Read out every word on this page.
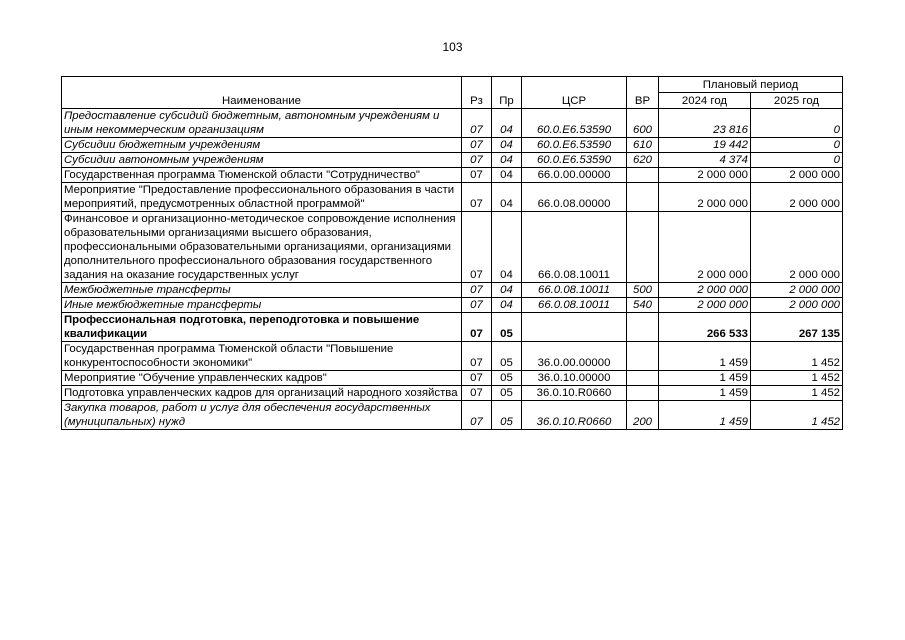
103
Наименование	Рз	Пр	ЦСР	ВР	Плановый период	
					2024 год	2025 год
Предоставление субсидий бюджетным, автономным учреждениям и иным некоммерческим организациям	07	04	60.0.E6.53590	600	23 816	0
Субсидии бюджетным учреждениям	07	04	60.0.E6.53590	610	19 442	0
Субсидии автономным учреждениям	07	04	60.0.E6.53590	620	4 374	0
Государственная программа Тюменской области "Сотрудничество"	07	04	66.0.00.00000		2 000 000	2 000 000
Мероприятие "Предоставление профессионального образования в части мероприятий, предусмотренных областной программой"	07	04	66.0.08.00000		2 000 000	2 000 000
Финансовое и организационно-методическое сопровождение исполнения образовательными организациями высшего образования, профессиональными образовательными организациями, организациями дополнительного профессионального образования государственного задания на оказание государственных услуг	07	04	66.0.08.10011		2 000 000	2 000 000
Межбюджетные трансферты	07	04	66.0.08.10011	500	2 000 000	2 000 000
Иные межбюджетные трансферты	07	04	66.0.08.10011	540	2 000 000	2 000 000
Профессиональная подготовка, переподготовка и повышение квалификации	07	05			266 533	267 135
Государственная программа Тюменской области "Повышение конкурентоспособности экономики"	07	05	36.0.00.00000		1 459	1 452
Мероприятие "Обучение управленческих кадров"	07	05	36.0.10.00000		1 459	1 452
Подготовка управленческих кадров для организаций народного хозяйства	07	05	36.0.10.R0660		1 459	1 452
Закупка товаров, работ и услуг для обеспечения государственных (муниципальных) нужд	07	05	36.0.10.R0660	200	1 459	1 452
